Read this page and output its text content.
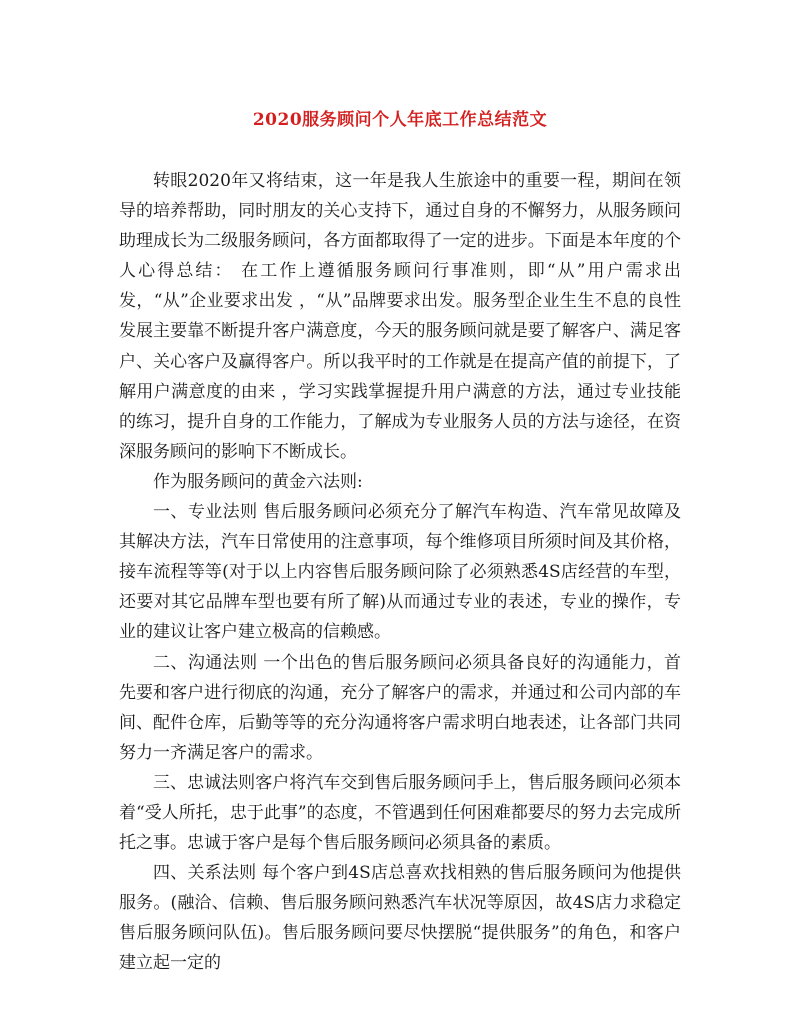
2020服务顾问个人年底工作总结范文

转眼2020年又将结束，这一年是我人生旅途中的重要一程，期间在领导的培养帮助，同时朋友的关心支持下，通过自身的不懈努力，从服务顾问助理成长为二级服务顾问，各方面都取得了一定的进步。下面是本年度的个人心得总结： 在工作上遵循服务顾问行事准则，即“从”用户需求出发，“从”企业要求出发 ，“从”品牌要求出发。服务型企业生生不息的良性发展主要靠不断提升客户满意度，今天的服务顾问就是要了解客户、满足客户、关心客户及赢得客户。所以我平时的工作就是在提高产值的前提下，了解用户满意度的由来 ，学习实践掌握提升用户满意的方法，通过专业技能的练习，提升自身的工作能力，了解成为专业服务人员的方法与途径，在资深服务顾问的影响下不断成长。

作为服务顾问的黄金六法则:

一、专业法则 售后服务顾问必须充分了解汽车构造、汽车常见故障及其解决方法，汽车日常使用的注意事项，每个维修项目所须时间及其价格，接车流程等等(对于以上内容售后服务顾问除了必须熟悉4S店经营的车型，还要对其它品牌车型也要有所了解)从而通过专业的表述，专业的操作，专业的建议让客户建立极高的信赖感。

二、沟通法则 一个出色的售后服务顾问必须具备良好的沟通能力，首先要和客户进行彻底的沟通，充分了解客户的需求，并通过和公司内部的车间、配件仓库，后勤等等的充分沟通将客户需求明白地表述，让各部门共同努力一齐满足客户的需求。

三、忠诚法则客户将汽车交到售后服务顾问手上，售后服务顾问必须本着“受人所托，忠于此事”的态度，不管遇到任何困难都要尽的努力去完成所托之事。忠诚于客户是每个售后服务顾问必须具备的素质。

四、关系法则 每个客户到4S店总喜欢找相熟的售后服务顾问为他提供服务。(融洽、信赖、售后服务顾问熟悉汽车状况等原因，故4S店力求稳定售后服务顾问队伍)。售后服务顾问要尽快摆脱“提供服务”的角色，和客户建立起一定的
